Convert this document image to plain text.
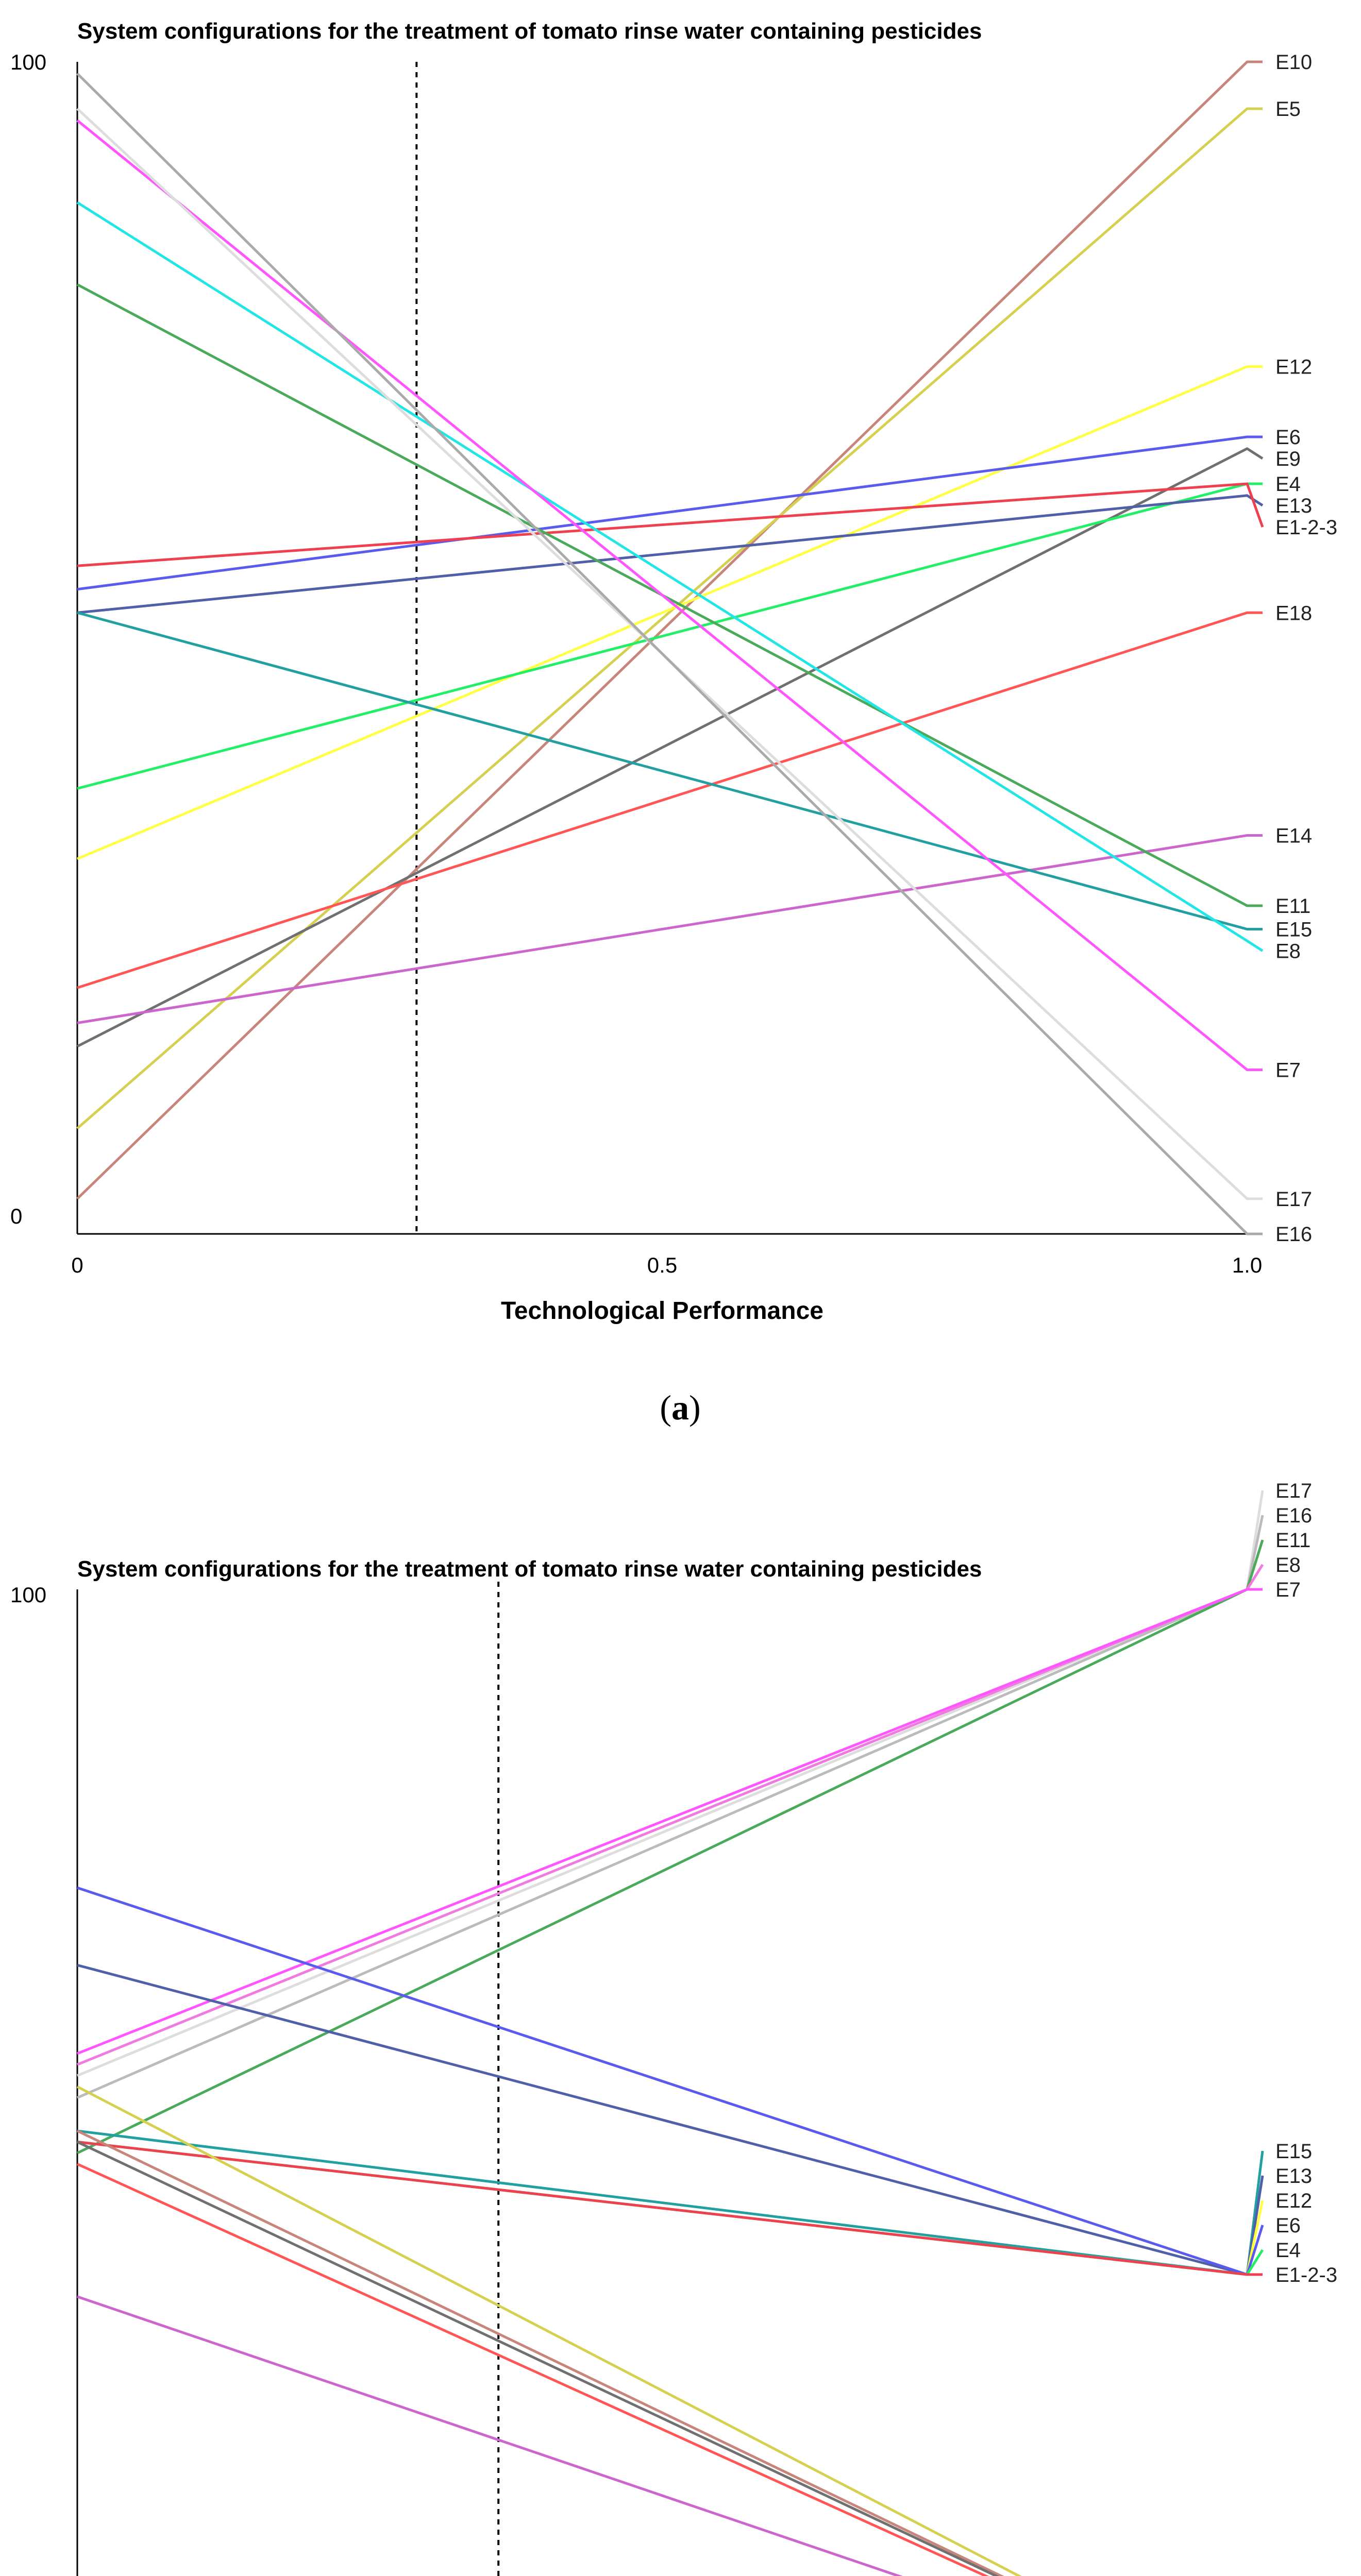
System configurations for the treatment of tomato rinse water containing pesticides
100
0
0	0.5	1.0
Technological Performance
E10
E5
E12
E6
E9
E4
E13
E1-2-3
E18
E14
E11
E15
E8
E7
E17
E16
(a)
System configurations for the treatment of tomato rinse water containing pesticides
100
E17
E16
E11
E8
E7
E15
E13
E12
E6
E4
E1-2-3
